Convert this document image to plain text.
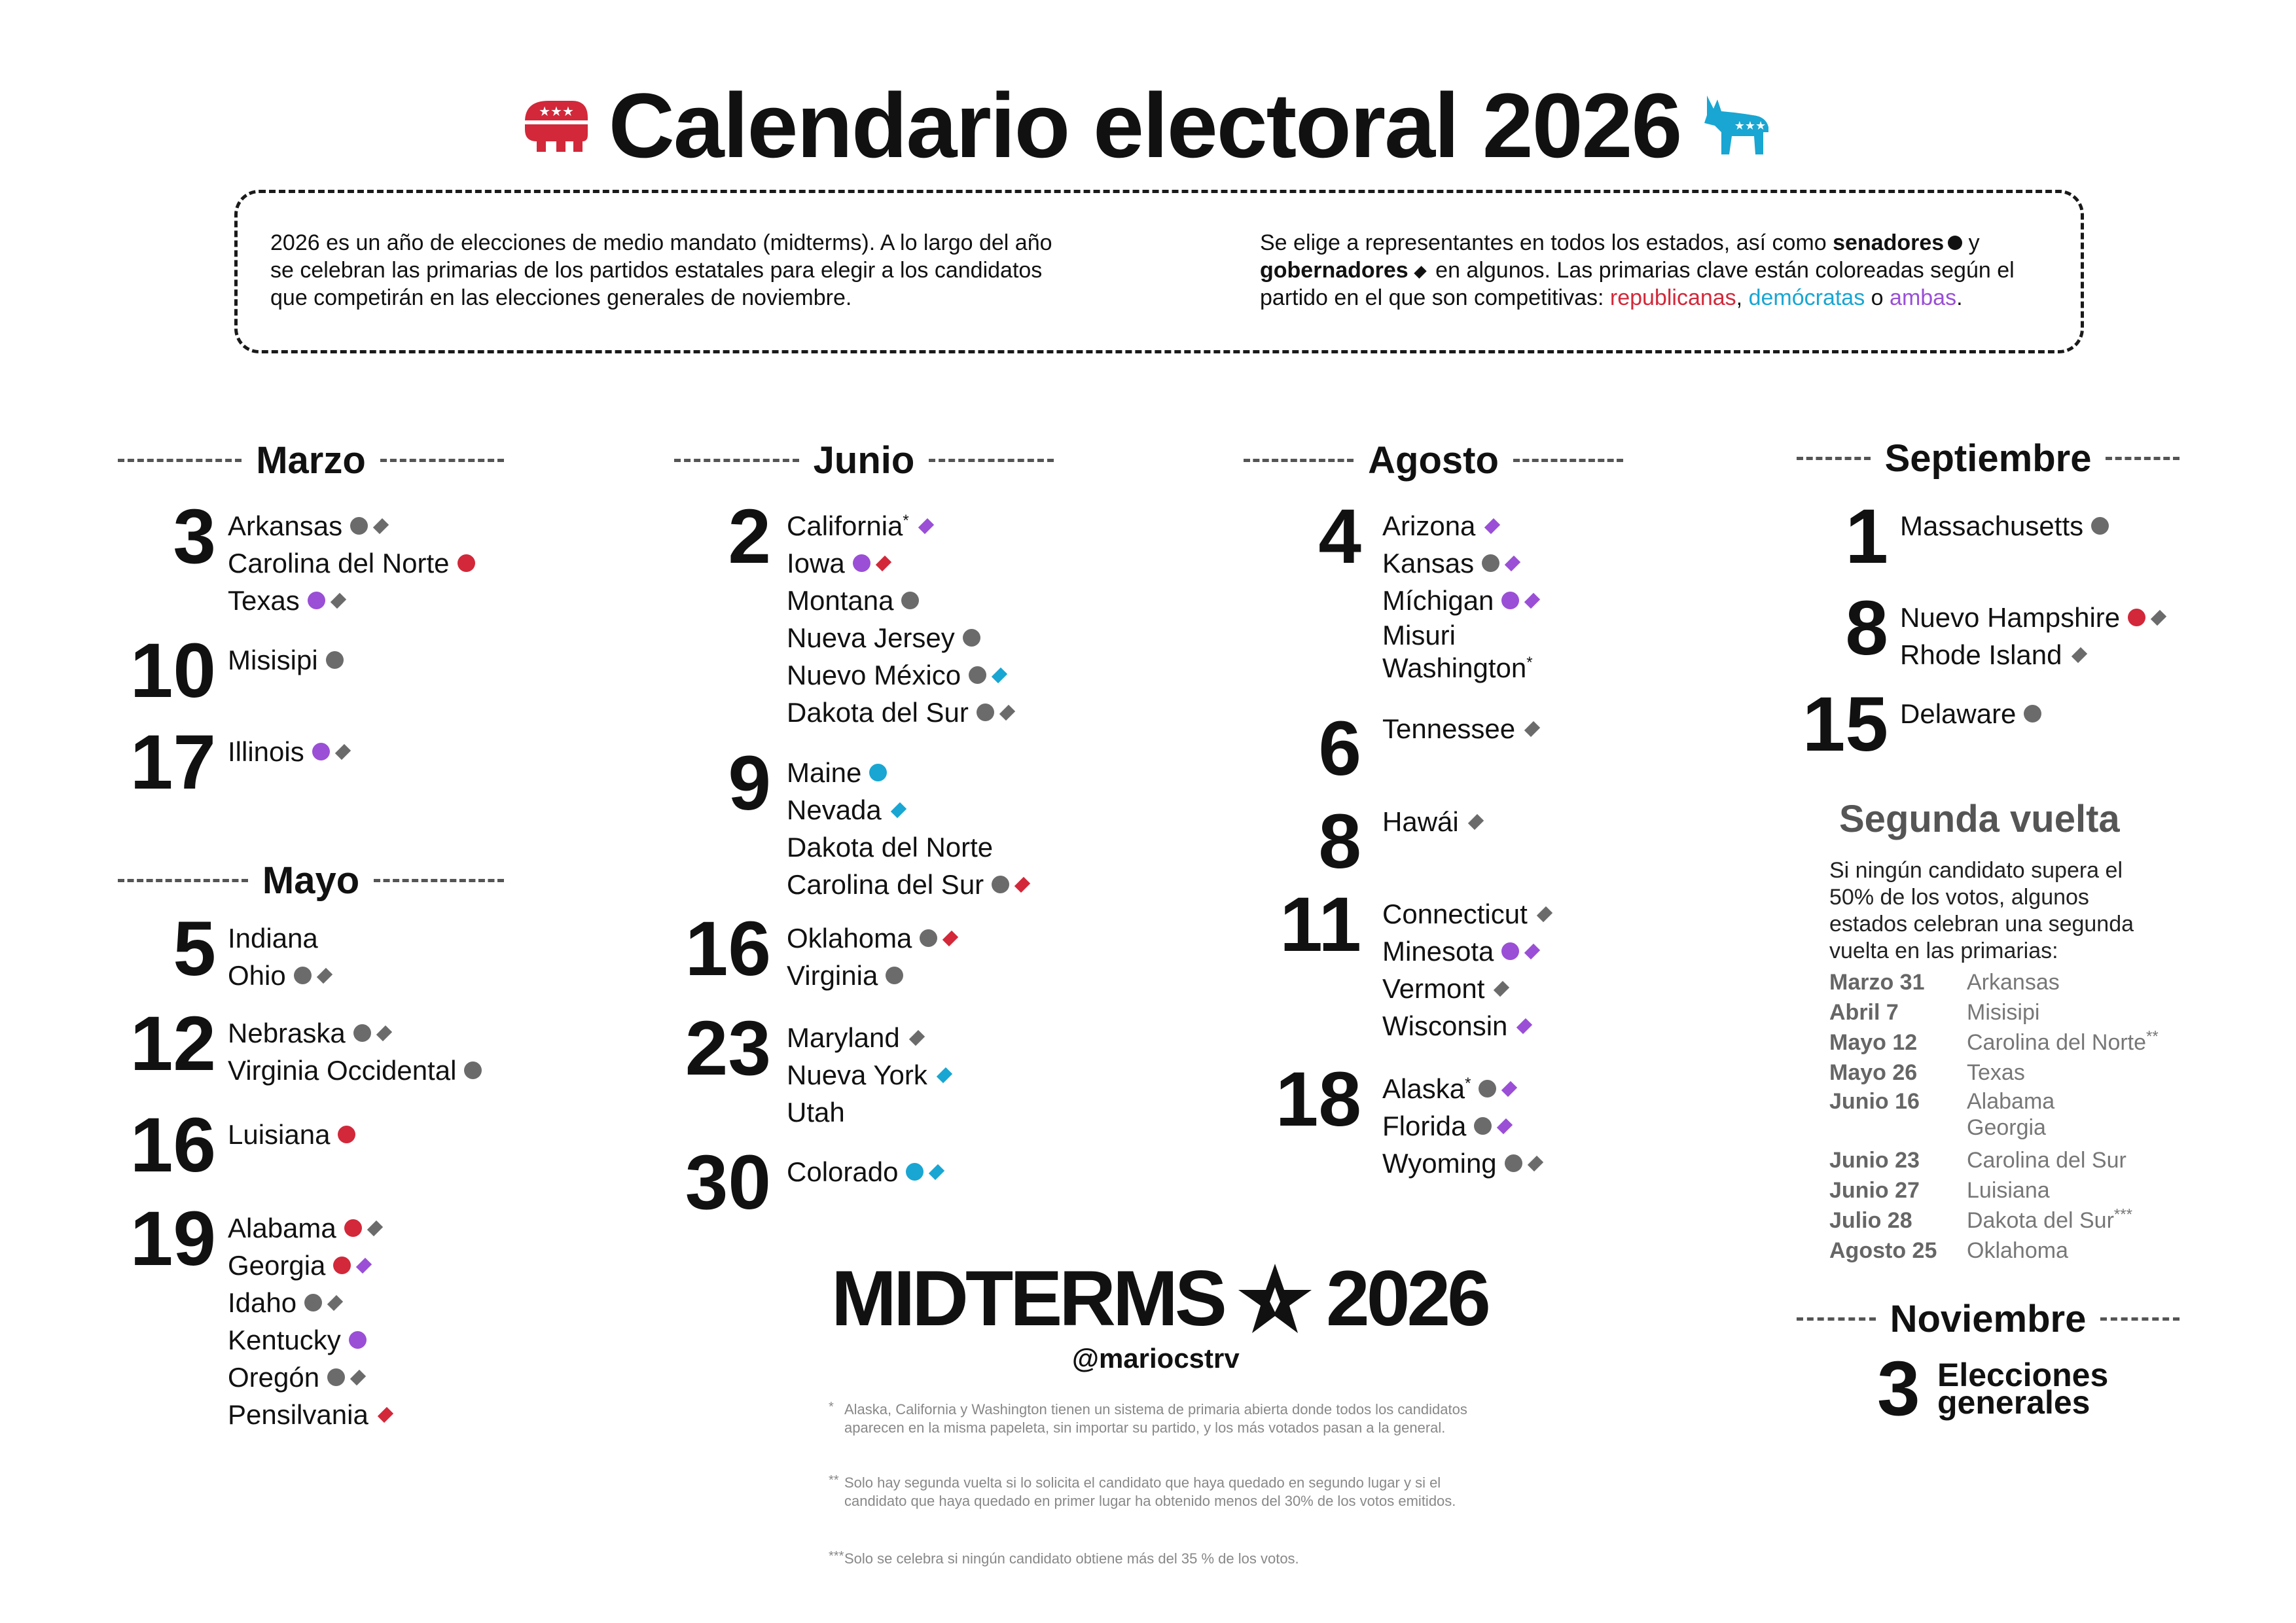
★★★ Calendario electoral 2026	★★★
2026 es un año de elecciones de medio mandato (midterms). A lo largo del año se celebran las primarias de los partidos estatales para elegir a los candidatos que competirán en las elecciones generales de noviembre.
Se elige a representantes en todos los estados, así como senadores y gobernadores en algunos. Las primarias clave están coloreadas según el partido en el que son competitivas: republicanas, demócratas o ambas.
Marzo
3 Arkansas
Carolina del Norte
Texas
10 Misisipi
17 Illinois
Mayo
5 Indiana
Ohio
12 Nebraska
Virginia Occidental
16 Luisiana
19 Alabama
Georgia
Idaho
Kentucky
Oregón
Pensilvania
Junio
2 California*
Iowa
Montana
Nueva Jersey
Nuevo México
Dakota del Sur
9 Maine
Nevada
Dakota del Norte
Carolina del Sur
16 Oklahoma
Virginia
23 Maryland
Nueva York
Utah
30 Colorado
Agosto
4 Arizona
Kansas
Míchigan
Misuri
Washington*
6 Tennessee
8 Hawái
11 Connecticut
Minesota
Vermont
Wisconsin
18 Alaska*
Florida
Wyoming
Septiembre
1 Massachusetts
8 Nuevo Hampshire
Rhode Island
15 Delaware
Segunda vuelta
Si ningún candidato supera el 50% de los votos, algunos estados celebran una segunda vuelta en las primarias:
Marzo 31	Arkansas
Abril 7	Misisipi
Mayo 12	Carolina del Norte**
Mayo 26	Texas
Junio 16	Alabama
Georgia
Junio 23	Carolina del Sur
Junio 27	Luisiana
Julio 28	Dakota del Sur***
Agosto 25	Oklahoma
Noviembre
3 Elecciones
generales
MIDTERMS 2026
@mariocstrv
* Alaska, California y Washington tienen un sistema de primaria abierta donde todos los candidatos aparecen en la misma papeleta, sin importar su partido, y los más votados pasan a la general.
** Solo hay segunda vuelta si lo solicita el candidato que haya quedado en segundo lugar y si el candidato que haya quedado en primer lugar ha obtenido menos del 30% de los votos emitidos.
*** Solo se celebra si ningún candidato obtiene más del 35 % de los votos.
